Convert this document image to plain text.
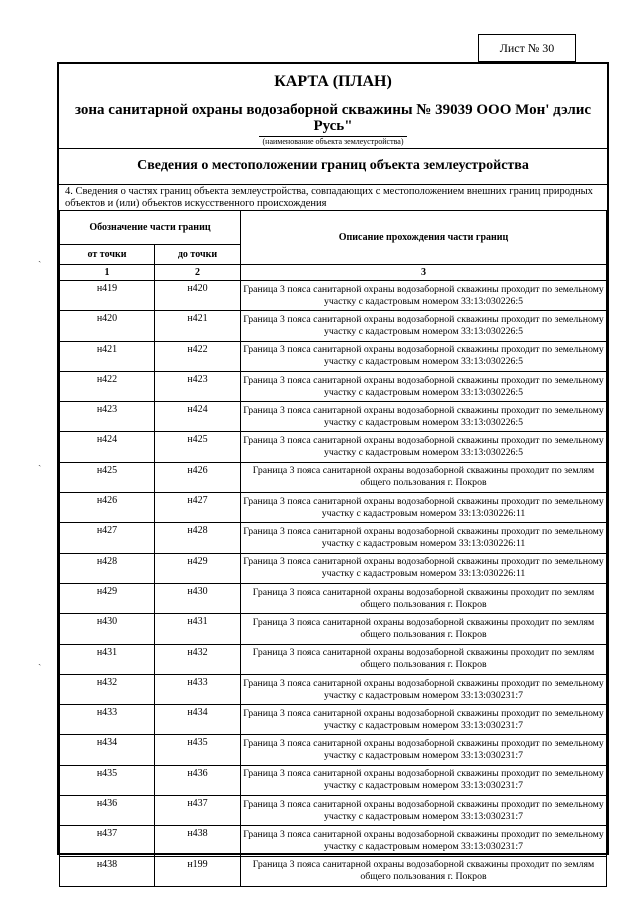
Лист № 30
КАРТА (ПЛАН)
зона санитарной охраны водозаборной скважины № 39039 ООО Мон' дэлис Русь"
(наименование объекта землеустройства)
Сведения о местоположении границ объекта землеустройства
4. Сведения о частях границ объекта землеустройства, совпадающих с местоположением внешних границ природных объектов и (или) объектов искусственного происхождения
Обозначение части границ		Описание прохождения части границ
от точки	до точки	
1	2	3
н419	н420	Граница 3 пояса санитарной охраны водозаборной скважины проходит по земельному участку с кадастровым номером 33:13:030226:5
н420	н421	Граница 3 пояса санитарной охраны водозаборной скважины проходит по земельному участку с кадастровым номером 33:13:030226:5
н421	н422	Граница 3 пояса санитарной охраны водозаборной скважины проходит по земельному участку с кадастровым номером 33:13:030226:5
н422	н423	Граница 3 пояса санитарной охраны водозаборной скважины проходит по земельному участку с кадастровым номером 33:13:030226:5
н423	н424	Граница 3 пояса санитарной охраны водозаборной скважины проходит по земельному участку с кадастровым номером 33:13:030226:5
н424	н425	Граница 3 пояса санитарной охраны водозаборной скважины проходит по земельному участку с кадастровым номером 33:13:030226:5
н425	н426	Граница 3 пояса санитарной охраны водозаборной скважины проходит по землям общего пользования г. Покров
н426	н427	Граница 3 пояса санитарной охраны водозаборной скважины проходит по земельному участку с кадастровым номером 33:13:030226:11
н427	н428	Граница 3 пояса санитарной охраны водозаборной скважины проходит по земельному участку с кадастровым номером 33:13:030226:11
н428	н429	Граница 3 пояса санитарной охраны водозаборной скважины проходит по земельному участку с кадастровым номером 33:13:030226:11
н429	н430	Граница 3 пояса санитарной охраны водозаборной скважины проходит по землям общего пользования г. Покров
н430	н431	Граница 3 пояса санитарной охраны водозаборной скважины проходит по землям общего пользования г. Покров
н431	н432	Граница 3 пояса санитарной охраны водозаборной скважины проходит по землям общего пользования г. Покров
н432	н433	Граница 3 пояса санитарной охраны водозаборной скважины проходит по земельному участку с кадастровым номером 33:13:030231:7
н433	н434	Граница 3 пояса санитарной охраны водозаборной скважины проходит по земельному участку с кадастровым номером 33:13:030231:7
н434	н435	Граница 3 пояса санитарной охраны водозаборной скважины проходит по земельному участку с кадастровым номером 33:13:030231:7
н435	н436	Граница 3 пояса санитарной охраны водозаборной скважины проходит по земельному участку с кадастровым номером 33:13:030231:7
н436	н437	Граница 3 пояса санитарной охраны водозаборной скважины проходит по земельному участку с кадастровым номером 33:13:030231:7
н437	н438	Граница 3 пояса санитарной охраны водозаборной скважины проходит по земельному участку с кадастровым номером 33:13:030231:7
н438	н199	Граница 3 пояса санитарной охраны водозаборной скважины проходит по землям общего пользования г. Покров
ˎ
ˏ
ˎ
